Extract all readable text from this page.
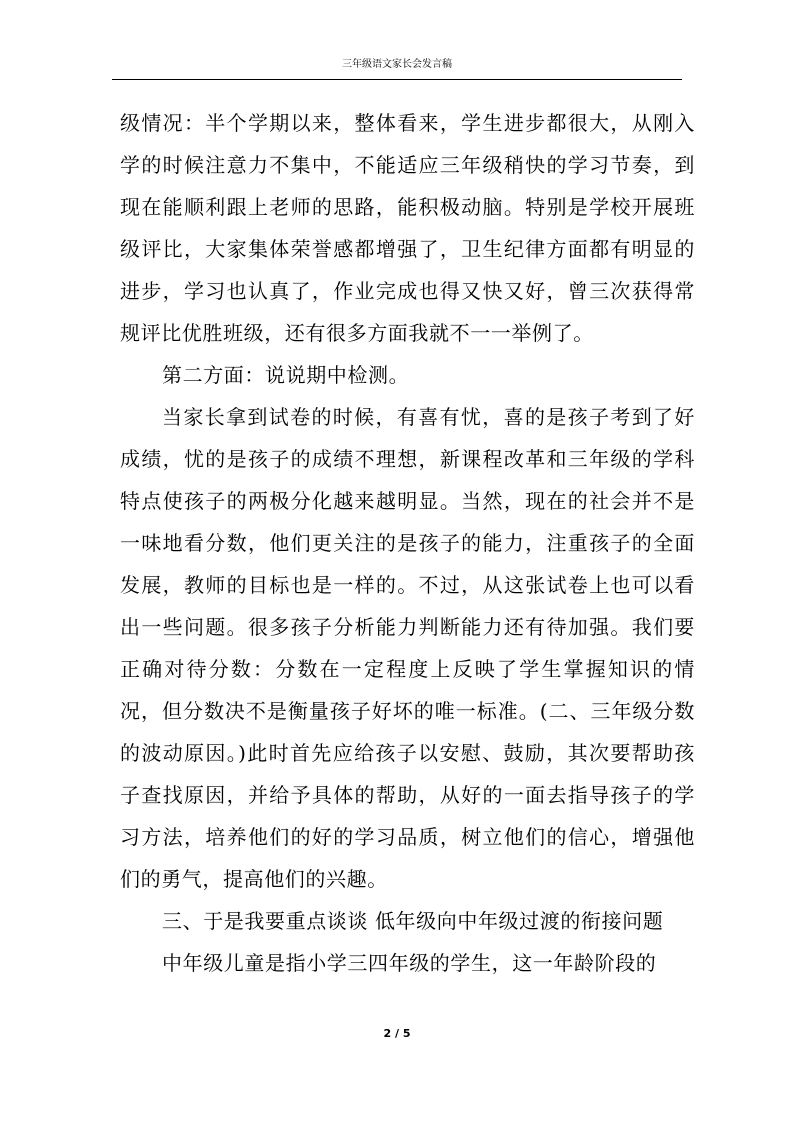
三年级语文家长会发言稿

级情况：半个学期以来，整体看来，学生进步都很大，从刚入学的时候注意力不集中，不能适应三年级稍快的学习节奏，到现在能顺利跟上老师的思路，能积极动脑。特别是学校开展班级评比，大家集体荣誉感都增强了，卫生纪律方面都有明显的进步，学习也认真了，作业完成也得又快又好，曾三次获得常规评比优胜班级，还有很多方面我就不一一举例了。

第二方面：说说期中检测。

当家长拿到试卷的时候，有喜有忧，喜的是孩子考到了好成绩，忧的是孩子的成绩不理想，新课程改革和三年级的学科特点使孩子的两极分化越来越明显。当然，现在的社会并不是一味地看分数，他们更关注的是孩子的能力，注重孩子的全面发展，教师的目标也是一样的。不过，从这张试卷上也可以看出一些问题。很多孩子分析能力判断能力还有待加强。我们要正确对待分数：分数在一定程度上反映了学生掌握知识的情况，但分数决不是衡量孩子好坏的唯一标准。(二、三年级分数的波动原因。)此时首先应给孩子以安慰、鼓励，其次要帮助孩子查找原因，并给予具体的帮助，从好的一面去指导孩子的学习方法，培养他们的好的学习品质，树立他们的信心，增强他们的勇气，提高他们的兴趣。

三、于是我要重点谈谈 低年级向中年级过渡的衔接问题

中年级儿童是指小学三四年级的学生，这一年龄阶段的

2 / 5
